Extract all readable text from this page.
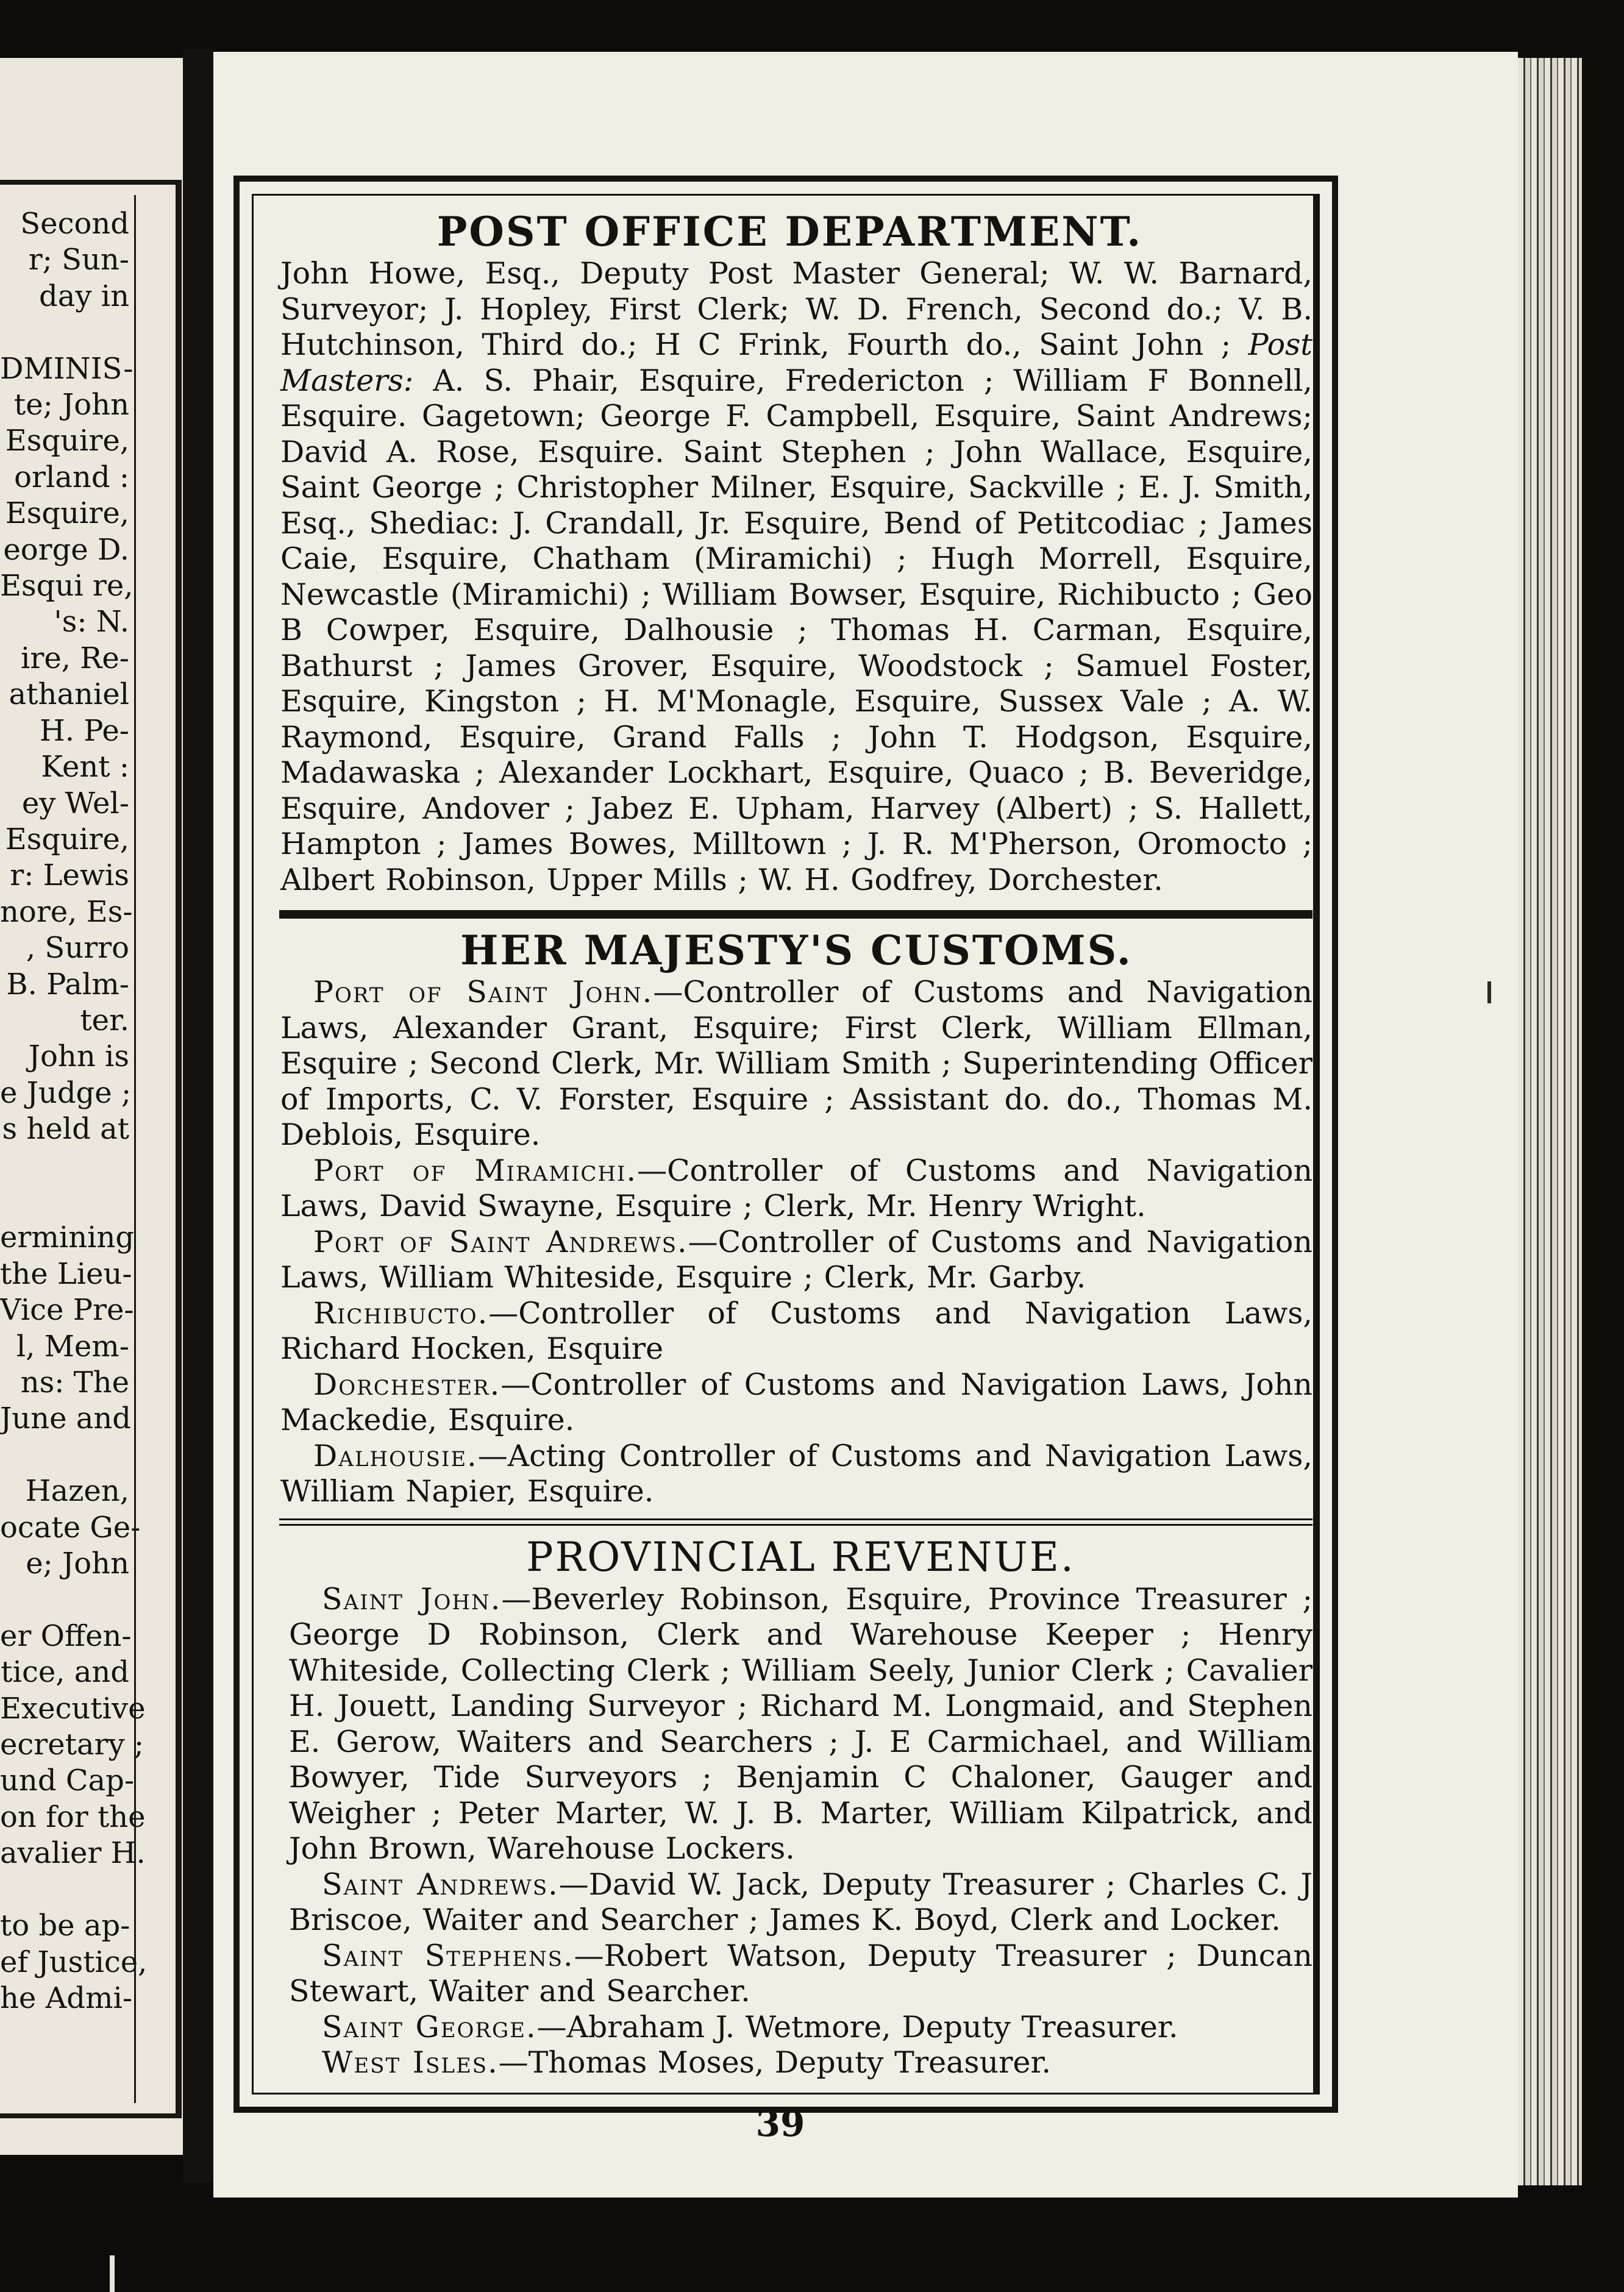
Second
r; Sun-
day in

DMINIS-
te; John
Esquire,
orland :
Esquire,
eorge D.
Esqui re,
's: N.
ire, Re-
athaniel
H. Pe-
Kent :
ey Wel-
Esquire,
r: Lewis
nore, Es-
, Surro
B. Palm-
ter.
John is
e Judge ;
s held at

ermining
the Lieu-
Vice Pre-
l, Mem-
ns: The
June and

Hazen,
ocate Ge-
e; John

er Offen-
tice, and
Executive
ecretary ;
und Cap-
on for the
avalier H.

to be ap-
ef Justice,
he Admi-
POST OFFICE DEPARTMENT.

John Howe, Esq., Deputy Post Master General; W. W. Barnard, Surveyor; J. Hopley, First Clerk; W. D. French, Second do.; V. B. Hutchinson, Third do.; H C Frink, Fourth do., Saint John ; Post Masters: A. S. Phair, Esquire, Fredericton ; William F Bonnell, Esquire. Gagetown; George F. Campbell, Esquire, Saint Andrews; David A. Rose, Esquire. Saint Stephen ; John Wallace, Esquire, Saint George ; Christopher Milner, Esquire, Sackville ; E. J. Smith, Esq., Shediac: J. Crandall, Jr. Esquire, Bend of Petitcodiac ; James Caie, Esquire, Chatham (Miramichi) ; Hugh Morrell, Esquire, Newcastle (Miramichi) ; William Bowser, Esquire, Richibucto ; Geo B Cowper, Esquire, Dalhousie ; Thomas H. Carman, Esquire, Bathurst ; James Grover, Esquire, Woodstock ; Samuel Foster, Esquire, Kingston ; H. M'Monagle, Esquire, Sussex Vale ; A. W. Raymond, Esquire, Grand Falls ; John T. Hodgson, Esquire, Madawaska ; Alexander Lockhart, Esquire, Quaco ; B. Beveridge, Esquire, Andover ; Jabez E. Upham, Harvey (Albert) ; S. Hallett, Hampton ; James Bowes, Milltown ; J. R. M'Pherson, Oromocto ; Albert Robinson, Upper Mills ; W. H. Godfrey, Dorchester.

HER MAJESTY'S CUSTOMS.

Port of Saint John.—Controller of Customs and Navigation Laws, Alexander Grant, Esquire; First Clerk, William Ellman, Esquire ; Second Clerk, Mr. William Smith ; Superintending Officer of Imports, C. V. Forster, Esquire ; Assistant do. do., Thomas M. Deblois, Esquire.

Port of Miramichi.—Controller of Customs and Navigation Laws, David Swayne, Esquire ; Clerk, Mr. Henry Wright.

Port of Saint Andrews.—Controller of Customs and Navigation Laws, William Whiteside, Esquire ; Clerk, Mr. Garby.

Richibucto.—Controller of Customs and Navigation Laws, Richard Hocken, Esquire

Dorchester.—Controller of Customs and Navigation Laws, John Mackedie, Esquire.

Dalhousie.—Acting Controller of Customs and Navigation Laws, William Napier, Esquire.

PROVINCIAL REVENUE.

Saint John.—Beverley Robinson, Esquire, Province Treasurer ; George D Robinson, Clerk and Warehouse Keeper ; Henry Whiteside, Collecting Clerk ; William Seely, Junior Clerk ; Cavalier H. Jouett, Landing Surveyor ; Richard M. Longmaid, and Stephen E. Gerow, Waiters and Searchers ; J. E Carmichael, and William Bowyer, Tide Surveyors ; Benjamin C Chaloner, Gauger and Weigher ; Peter Marter, W. J. B. Marter, William Kilpatrick, and John Brown, Warehouse Lockers.

Saint Andrews.—David W. Jack, Deputy Treasurer ; Charles C. J Briscoe, Waiter and Searcher ; James K. Boyd, Clerk and Locker.

Saint Stephens.—Robert Watson, Deputy Treasurer ; Duncan Stewart, Waiter and Searcher.

Saint George.—Abraham J. Wetmore, Deputy Treasurer.

West Isles.—Thomas Moses, Deputy Treasurer.

39
